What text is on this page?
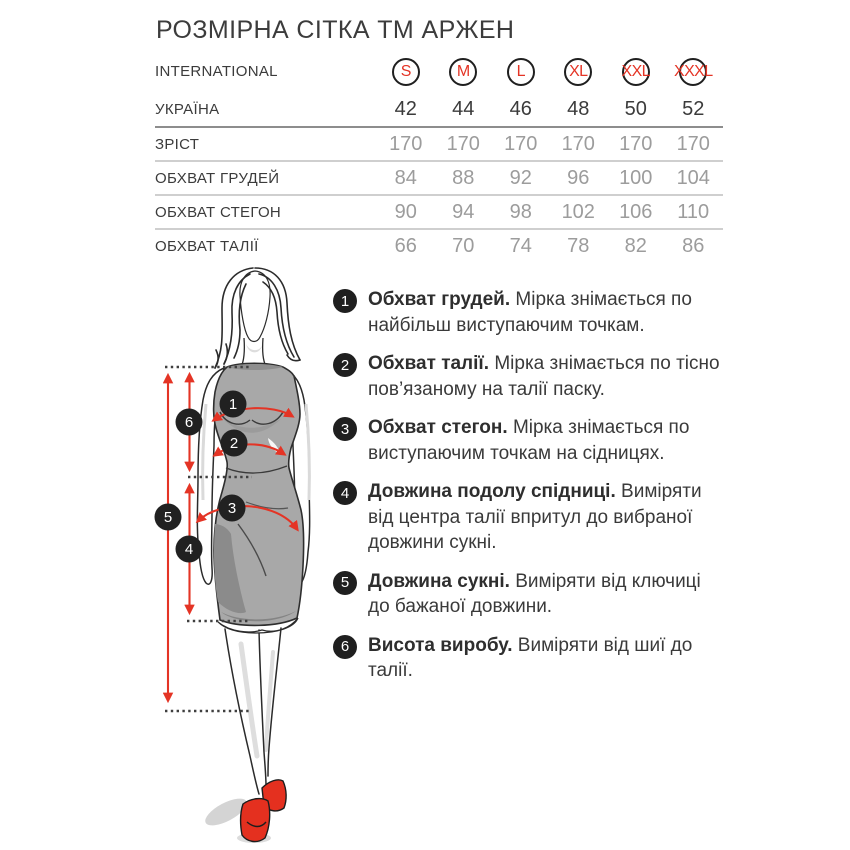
РОЗМІРНА СІТКА ТМ АРЖЕН
INTERNATIONAL	S	M	L	XL	XXL	XXXL
УКРАЇНА	42	44	46	48	50	52
ЗРІСТ	170	170	170	170	170	170
ОБХВАТ ГРУДЕЙ	84	88	92	96	100	104
ОБХВАТ СТЕГОН	90	94	98	102	106	110
ОБХВАТ ТАЛІЇ	66	70	74	78	82	86
1
2
3
4
5
6
1 Обхват грудей. Мірка знімається по найбільш виступаючим точкам.
2 Обхват талії. Мірка знімається по тісно пов’язаному на талії паску.
3 Обхват стегон. Мірка знімається по виступаючим точкам на сідницях.
4 Довжина подолу спідниці. Виміряти від центра талії впритул до вибраної довжини сукні.
5 Довжина сукні. Виміряти від ключиці до бажаної довжини.
6 Висота виробу. Виміряти від шиї до талії.
